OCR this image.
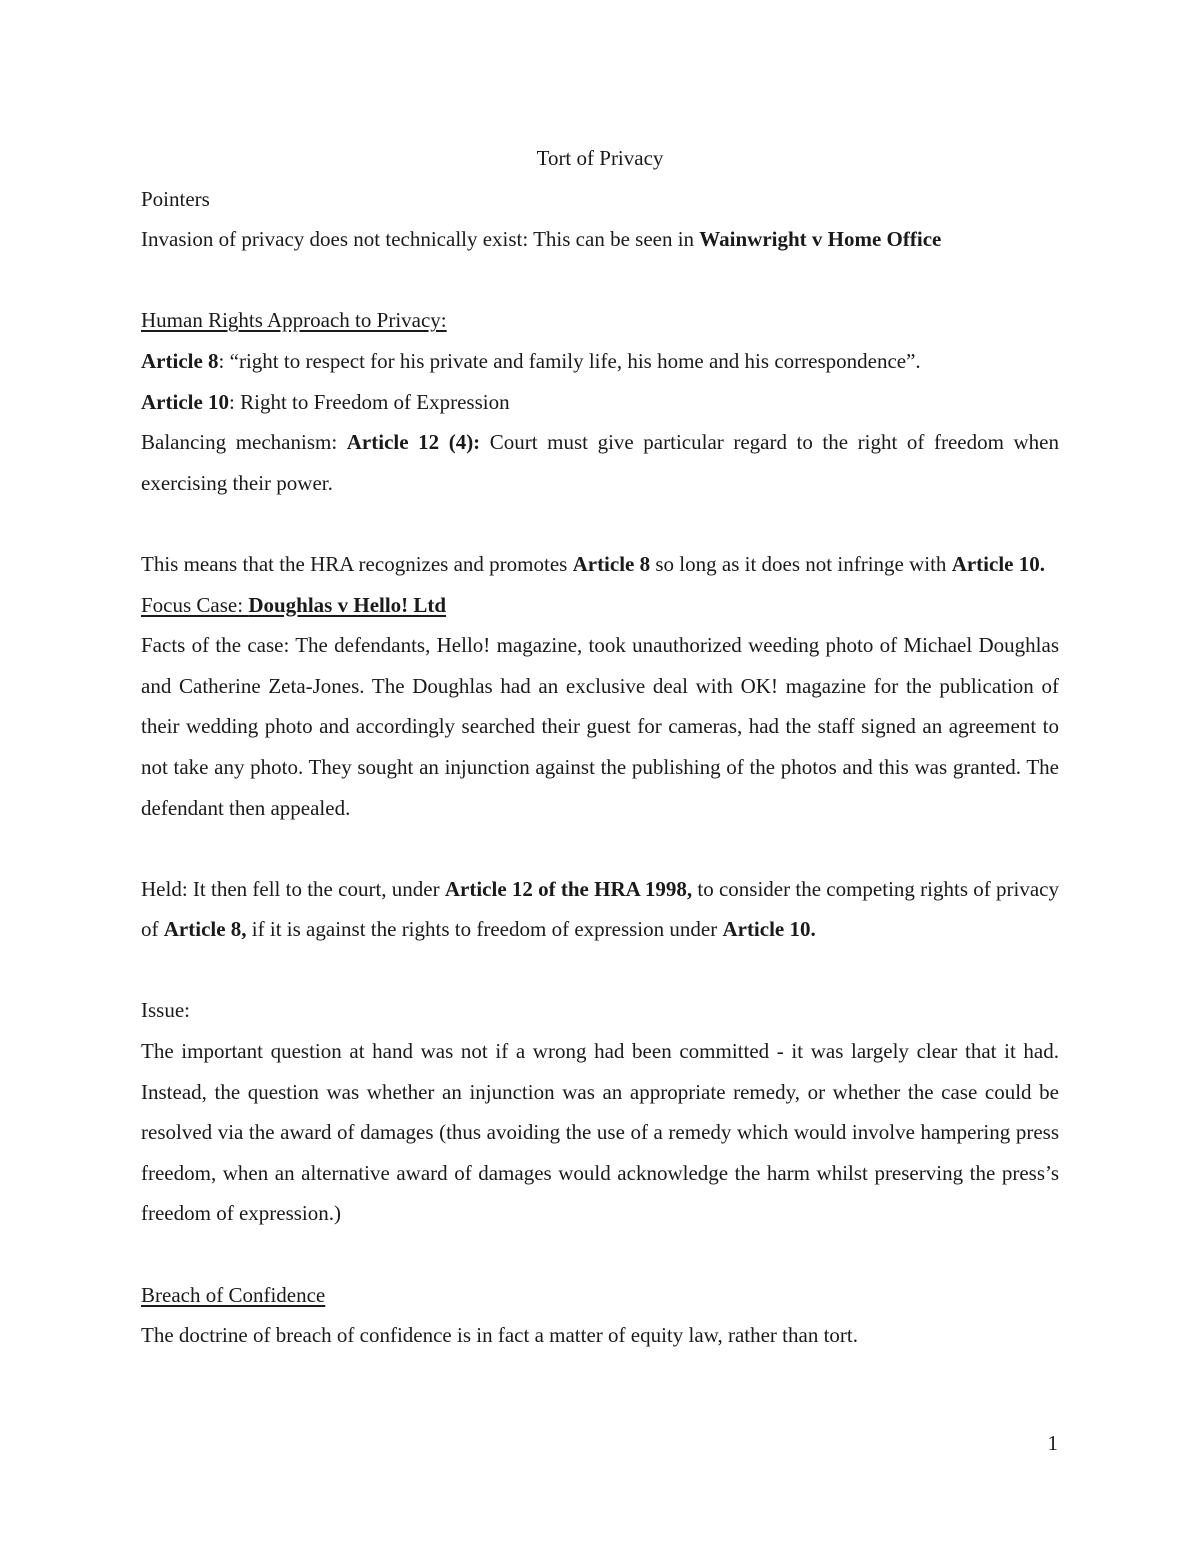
Tort of Privacy

Pointers

Invasion of privacy does not technically exist: This can be seen in Wainwright v Home Office

Human Rights Approach to Privacy:

Article 8: “right to respect for his private and family life, his home and his correspondence”.

Article 10: Right to Freedom of Expression

Balancing mechanism: Article 12 (4): Court must give particular regard to the right of freedom when exercising their power.

This means that the HRA recognizes and promotes Article 8 so long as it does not infringe with Article 10.

Focus Case: Doughlas v Hello! Ltd

Facts of the case: The defendants, Hello! magazine, took unauthorized weeding photo of Michael Doughlas and Catherine Zeta-Jones. The Doughlas had an exclusive deal with OK! magazine for the publication of their wedding photo and accordingly searched their guest for cameras, had the staff signed an agreement to not take any photo. They sought an injunction against the publishing of the photos and this was granted. The defendant then appealed.

Held: It then fell to the court, under Article 12 of the HRA 1998, to consider the competing rights of privacy of Article 8, if it is against the rights to freedom of expression under Article 10.

Issue:

The important question at hand was not if a wrong had been committed - it was largely clear that it had. Instead, the question was whether an injunction was an appropriate remedy, or whether the case could be resolved via the award of damages (thus avoiding the use of a remedy which would involve hampering press freedom, when an alternative award of damages would acknowledge the harm whilst preserving the press’s freedom of expression.)

Breach of Confidence

The doctrine of breach of confidence is in fact a matter of equity law, rather than tort.

1
